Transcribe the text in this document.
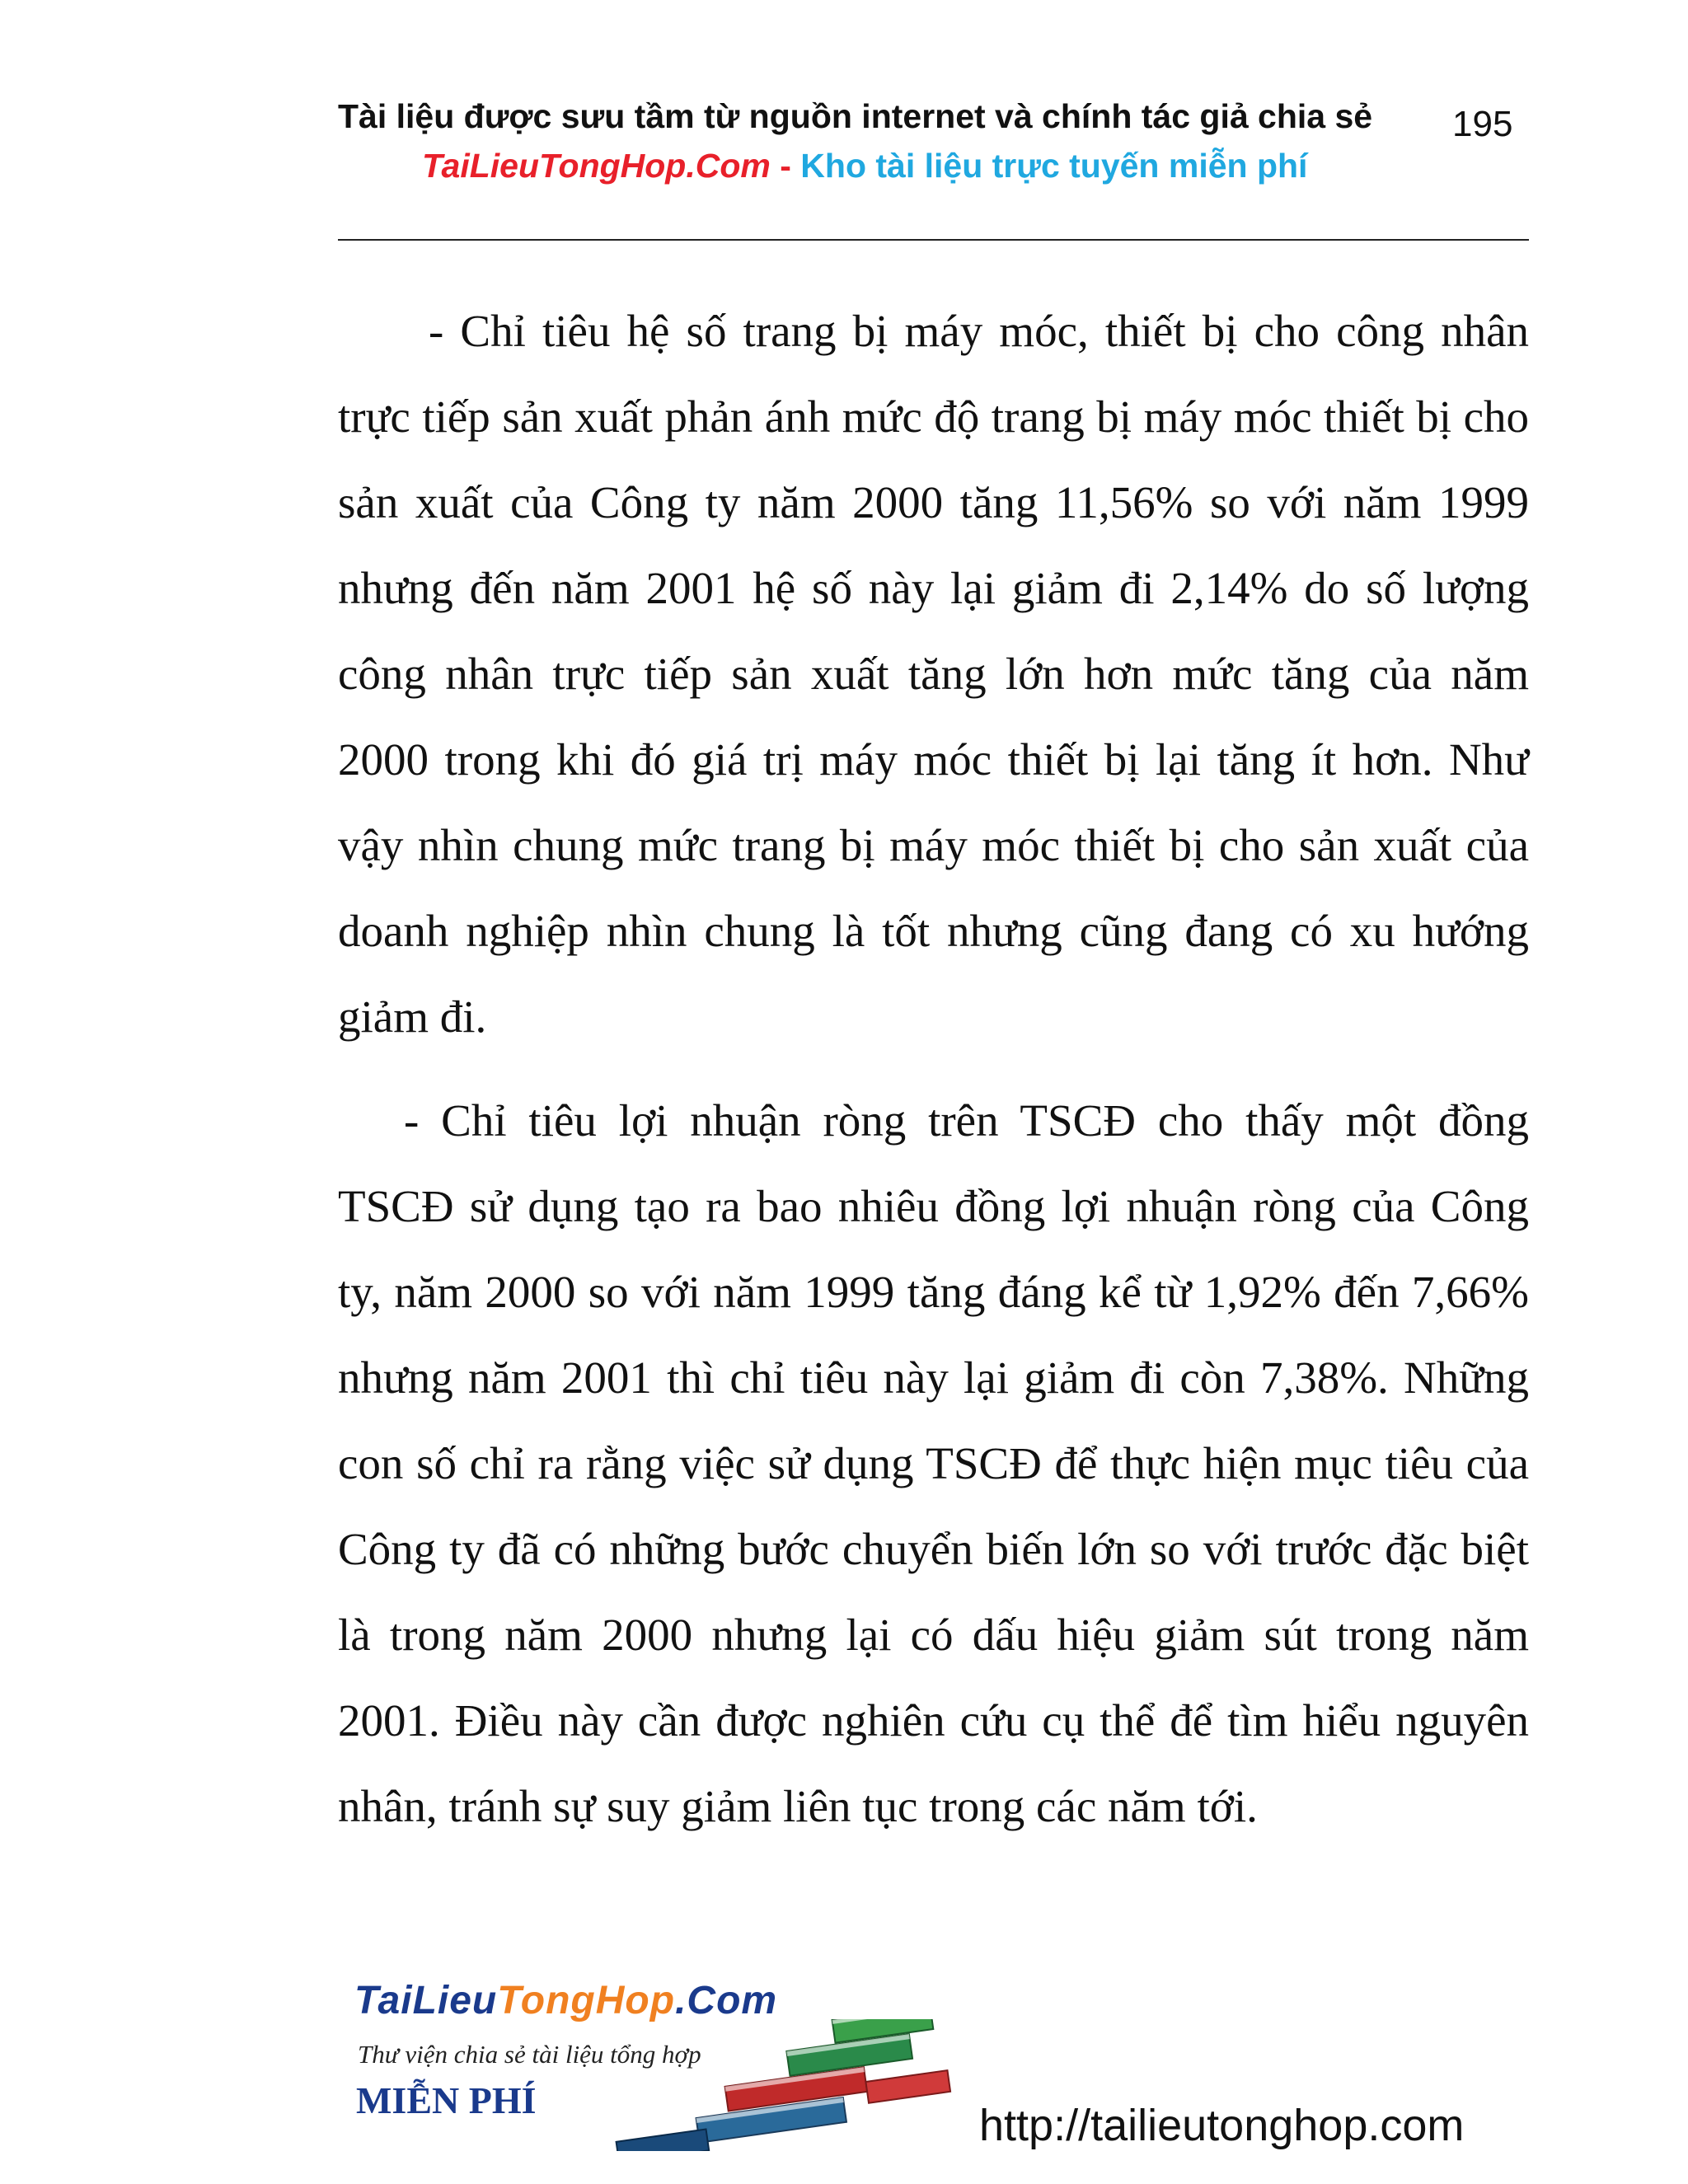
Tài liệu được sưu tầm từ nguồn internet và chính tác giả chia sẻ	195
TaiLieuTongHop.Com - Kho tài liệu trực tuyến miễn phí

- Chỉ tiêu hệ số trang bị máy móc, thiết bị cho công nhân trực tiếp sản xuất phản ánh mức độ trang bị máy móc thiết bị cho sản xuất của Công ty năm 2000 tăng 11,56% so với năm 1999 nhưng đến năm 2001 hệ số này lại giảm đi 2,14% do số lượng công nhân trực tiếp sản xuất tăng lớn hơn mức tăng của năm 2000 trong khi đó giá trị máy móc thiết bị lại tăng ít hơn. Như vậy nhìn chung mức trang bị máy móc thiết bị cho sản xuất của doanh nghiệp nhìn chung là tốt nhưng cũng đang có xu hướng giảm đi.

- Chỉ tiêu lợi nhuận ròng trên TSCĐ cho thấy một đồng TSCĐ sử dụng tạo ra bao nhiêu đồng lợi nhuận ròng của Công ty, năm 2000 so với năm 1999 tăng đáng kể từ 1,92% đến 7,66% nhưng năm 2001 thì chỉ tiêu này lại giảm đi còn 7,38%. Những con số chỉ ra rằng việc sử dụng TSCĐ để thực hiện mục tiêu của Công ty đã có những bước chuyển biến lớn so với trước đặc biệt là trong năm 2000 nhưng lại có dấu hiệu giảm sút trong năm 2001. Điều này cần được nghiên cứu cụ thể để tìm hiểu nguyên nhân, tránh sự suy giảm liên tục trong các năm tới.

TaiLieuTongHop.Com
Thư viện chia sẻ tài liệu tổng hợp
MIỄN PHÍ
http://tailieutonghop.com
